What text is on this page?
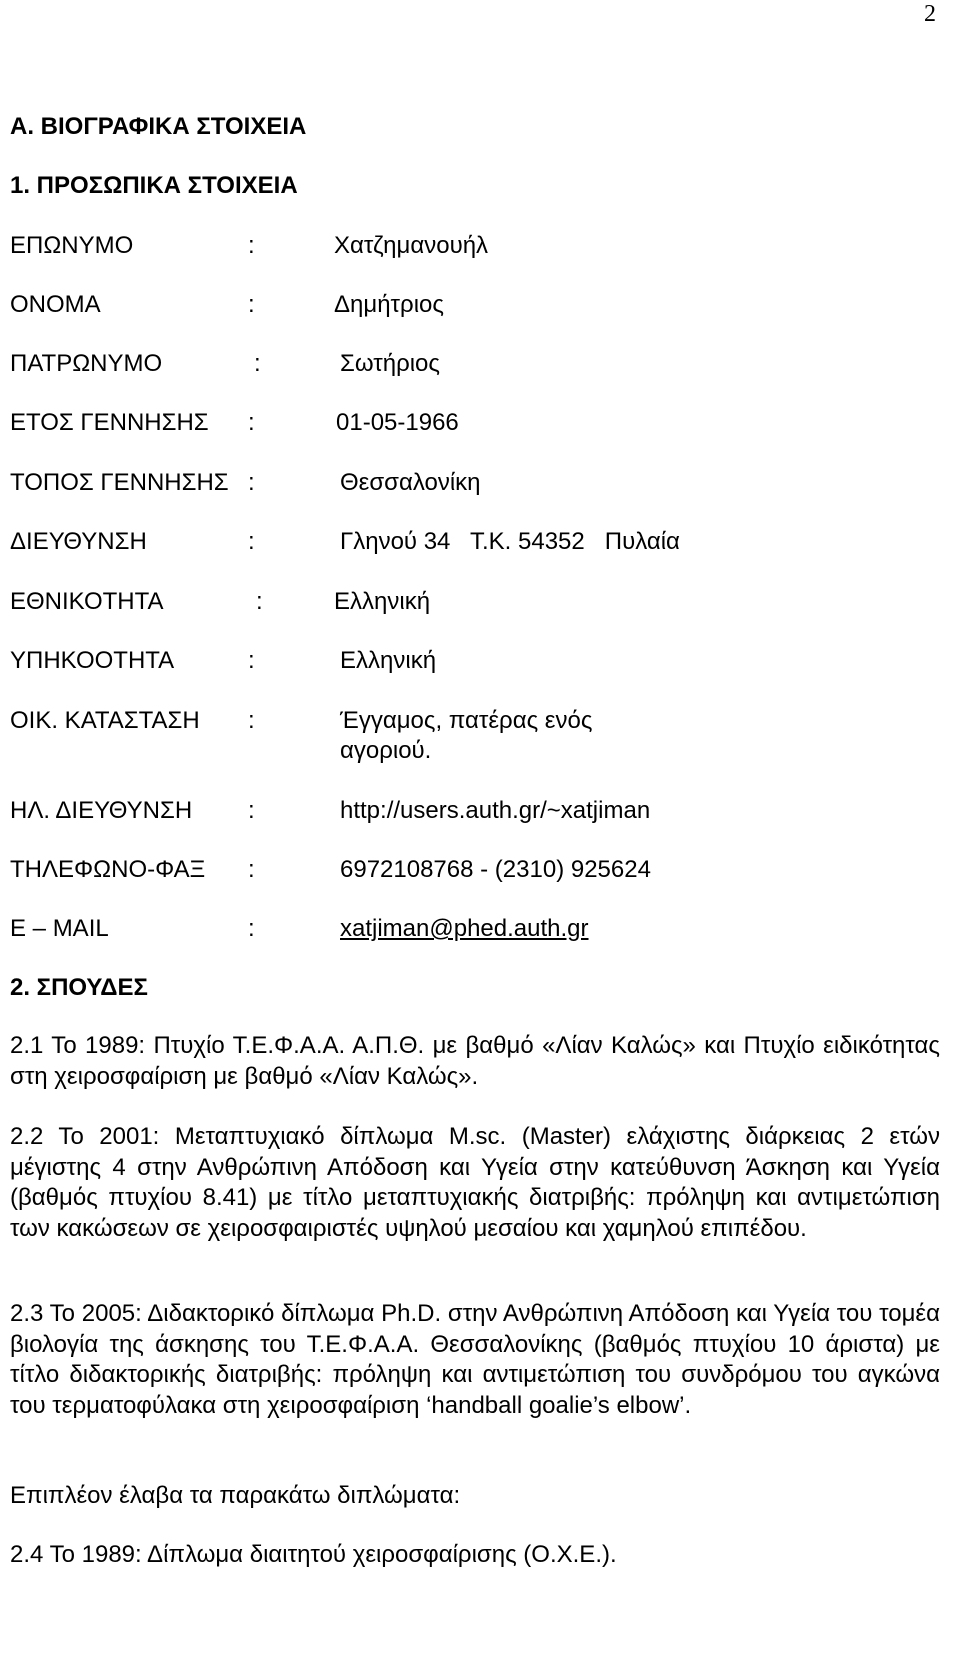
2
Α. ΒΙΟΓΡΑΦΙΚΑ ΣΤΟΙΧΕΙΑ
1. ΠΡΟΣΩΠΙΚΑ ΣΤΟΙΧΕΙΑ
ΕΠΩΝΥΜΟ	:	Χατζημανουήλ
ΟΝΟΜΑ	:	Δημήτριος
ΠΑΤΡΩΝΥΜΟ	:	Σωτήριος
ΕΤΟΣ ΓΕΝΝΗΣΗΣ :	01-05-1966
ΤΟΠΟΣ ΓΕΝΝΗΣΗΣ :	Θεσσαλονίκη
ΔΙΕΥΘΥΝΣΗ	:	Γληνού 34   Τ.Κ. 54352   Πυλαία
ΕΘΝΙΚΟΤΗΤΑ	:	Ελληνική
ΥΠΗΚΟΟΤΗΤΑ	:	Ελληνική
ΟΙΚ. ΚΑΤΑΣΤΑΣΗ :	Έγγαμος, πατέρας ενός αγοριού.
ΗΛ. ΔΙΕΥΘΥΝΣΗ :	http://users.auth.gr/~xatjiman
ΤΗΛΕΦΩΝΟ-ΦΑΞ :	6972108768 - (2310) 925624
E – MAIL	:	xatjiman@phed.auth.gr
2. ΣΠΟΥΔΕΣ
2.1 Το 1989: Πτυχίο Τ.Ε.Φ.Α.Α. Α.Π.Θ. με βαθμό «Λίαν Καλώς» και Πτυχίο ειδικότητας στη χειροσφαίριση με βαθμό «Λίαν Καλώς».
2.2 Το 2001: Μεταπτυχιακό δίπλωμα M.sc. (Master) ελάχιστης διάρκειας 2 ετών μέγιστης 4 στην Ανθρώπινη Απόδοση και Υγεία στην κατεύθυνση Άσκηση και Υγεία (βαθμός πτυχίου 8.41) με τίτλο μεταπτυχιακής διατριβής: πρόληψη και αντιμετώπιση των κακώσεων σε χειροσφαιριστές υψηλού μεσαίου και χαμηλού επιπέδου.
2.3 Το 2005: Διδακτορικό δίπλωμα Ph.D. στην Ανθρώπινη Απόδοση και Υγεία του τομέα βιολογία της άσκησης του Τ.Ε.Φ.Α.Α. Θεσσαλονίκης (βαθμός πτυχίου 10 άριστα) με τίτλο διδακτορικής διατριβής: πρόληψη και αντιμετώπιση του συνδρόμου του αγκώνα του τερματοφύλακα στη χειροσφαίριση ‘handball goalie’s elbow’.
Επιπλέον έλαβα τα παρακάτω διπλώματα:
2.4 Το 1989: Δίπλωμα διαιτητού χειροσφαίρισης (Ο.Χ.Ε.).
